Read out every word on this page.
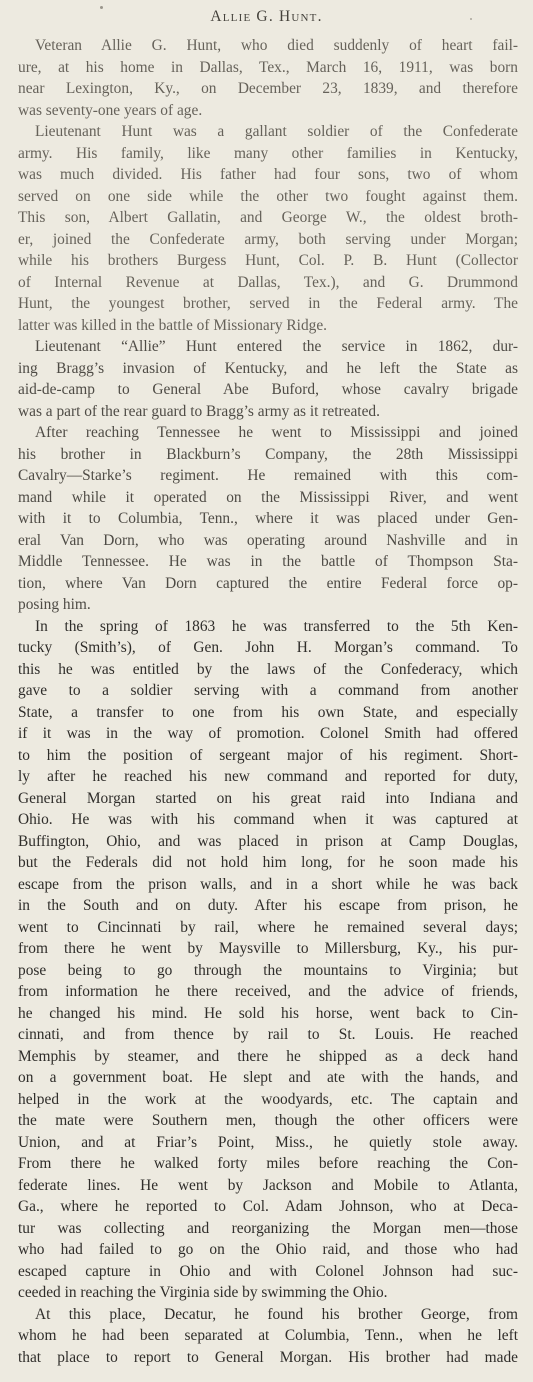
Allie G. Hunt.

Veteran Allie G. Hunt, who died suddenly of heart fail-
ure, at his home in Dallas, Tex., March 16, 1911, was born
near Lexington, Ky., on December 23, 1839, and therefore
was seventy-one years of age.

Lieutenant Hunt was a gallant soldier of the Confederate
army. His family, like many other families in Kentucky,
was much divided. His father had four sons, two of whom
served on one side while the other two fought against them.
This son, Albert Gallatin, and George W., the oldest broth-
er, joined the Confederate army, both serving under Morgan;
while his brothers Burgess Hunt, Col. P. B. Hunt (Collector
of Internal Revenue at Dallas, Tex.), and G. Drummond
Hunt, the youngest brother, served in the Federal army. The
latter was killed in the battle of Missionary Ridge.

Lieutenant “Allie” Hunt entered the service in 1862, dur-
ing Bragg’s invasion of Kentucky, and he left the State as
aid-de-camp to General Abe Buford, whose cavalry brigade
was a part of the rear guard to Bragg’s army as it retreated.

After reaching Tennessee he went to Mississippi and joined
his brother in Blackburn’s Company, the 28th Mississippi
Cavalry—Starke’s regiment. He remained with this com-
mand while it operated on the Mississippi River, and went
with it to Columbia, Tenn., where it was placed under Gen-
eral Van Dorn, who was operating around Nashville and in
Middle Tennessee. He was in the battle of Thompson Sta-
tion, where Van Dorn captured the entire Federal force op-
posing him.

In the spring of 1863 he was transferred to the 5th Ken-
tucky (Smith’s), of Gen. John H. Morgan’s command. To
this he was entitled by the laws of the Confederacy, which
gave to a soldier serving with a command from another
State, a transfer to one from his own State, and especially
if it was in the way of promotion. Colonel Smith had offered
to him the position of sergeant major of his regiment. Short-
ly after he reached his new command and reported for duty,
General Morgan started on his great raid into Indiana and
Ohio. He was with his command when it was captured at
Buffington, Ohio, and was placed in prison at Camp Douglas,
but the Federals did not hold him long, for he soon made his
escape from the prison walls, and in a short while he was back
in the South and on duty. After his escape from prison, he
went to Cincinnati by rail, where he remained several days;
from there he went by Maysville to Millersburg, Ky., his pur-
pose being to go through the mountains to Virginia; but
from information he there received, and the advice of friends,
he changed his mind. He sold his horse, went back to Cin-
cinnati, and from thence by rail to St. Louis. He reached
Memphis by steamer, and there he shipped as a deck hand
on a government boat. He slept and ate with the hands, and
helped in the work at the woodyards, etc. The captain and
the mate were Southern men, though the other officers were
Union, and at Friar’s Point, Miss., he quietly stole away.
From there he walked forty miles before reaching the Con-
federate lines. He went by Jackson and Mobile to Atlanta,
Ga., where he reported to Col. Adam Johnson, who at Deca-
tur was collecting and reorganizing the Morgan men—those
who had failed to go on the Ohio raid, and those who had
escaped capture in Ohio and with Colonel Johnson had suc-
ceeded in reaching the Virginia side by swimming the Ohio.

At this place, Decatur, he found his brother George, from
whom he had been separated at Columbia, Tenn., when he left
that place to report to General Morgan. His brother had made
